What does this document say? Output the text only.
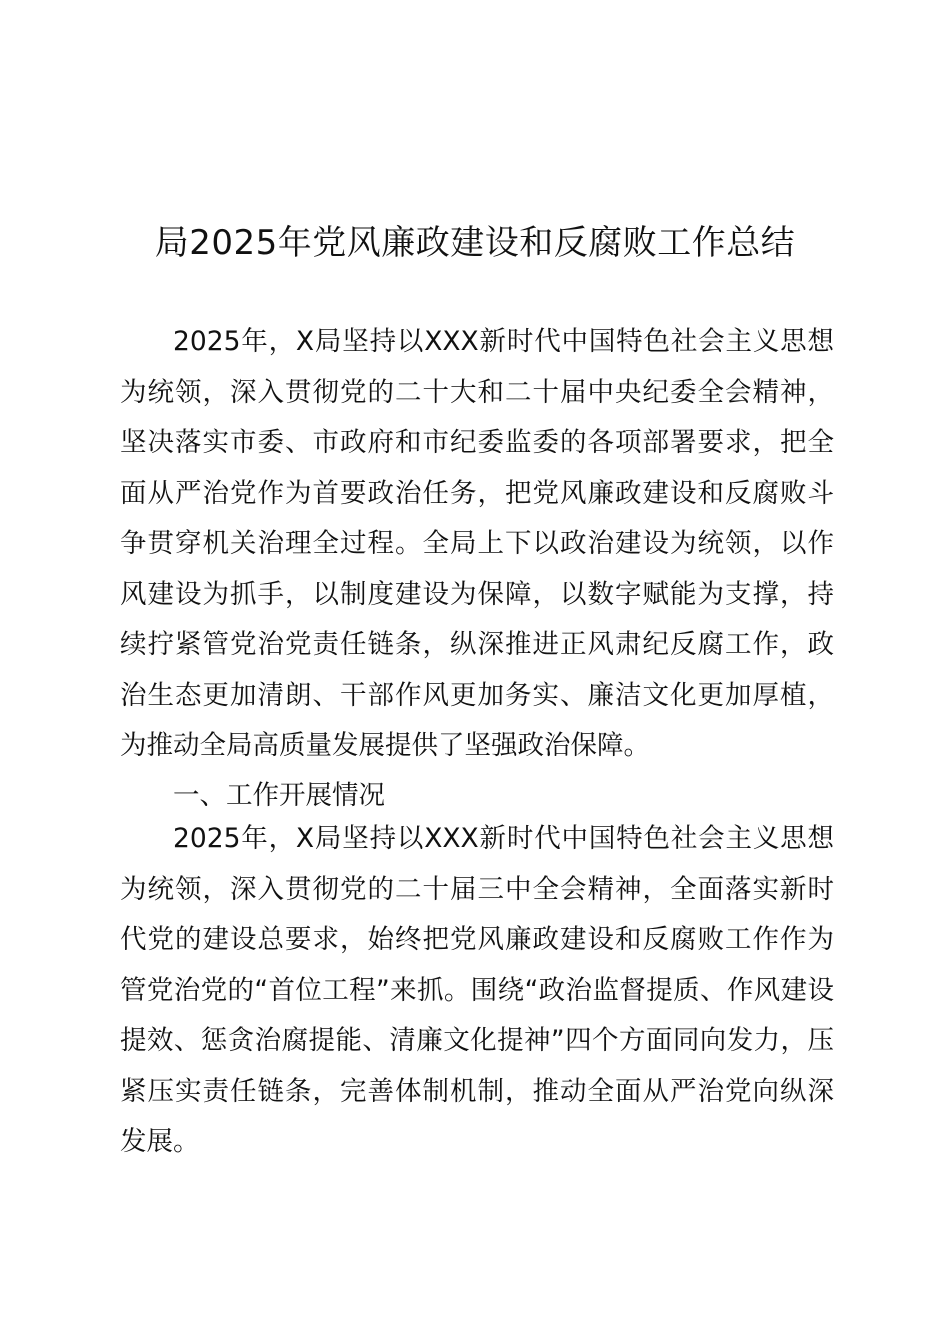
局2025年党风廉政建设和反腐败工作总结

2025年，X局坚持以XXX新时代中国特色社会主义思想为统领，深入贯彻党的二十大和二十届中央纪委全会精神，坚决落实市委、市政府和市纪委监委的各项部署要求，把全面从严治党作为首要政治任务，把党风廉政建设和反腐败斗争贯穿机关治理全过程。全局上下以政治建设为统领，以作风建设为抓手，以制度建设为保障，以数字赋能为支撑，持续拧紧管党治党责任链条，纵深推进正风肃纪反腐工作，政治生态更加清朗、干部作风更加务实、廉洁文化更加厚植，为推动全局高质量发展提供了坚强政治保障。

一、工作开展情况

2025年，X局坚持以XXX新时代中国特色社会主义思想为统领，深入贯彻党的二十届三中全会精神，全面落实新时代党的建设总要求，始终把党风廉政建设和反腐败工作作为管党治党的“首位工程”来抓。围绕“政治监督提质、作风建设提效、惩贪治腐提能、清廉文化提神”四个方面同向发力，压紧压实责任链条，完善体制机制，推动全面从严治党向纵深发展。
